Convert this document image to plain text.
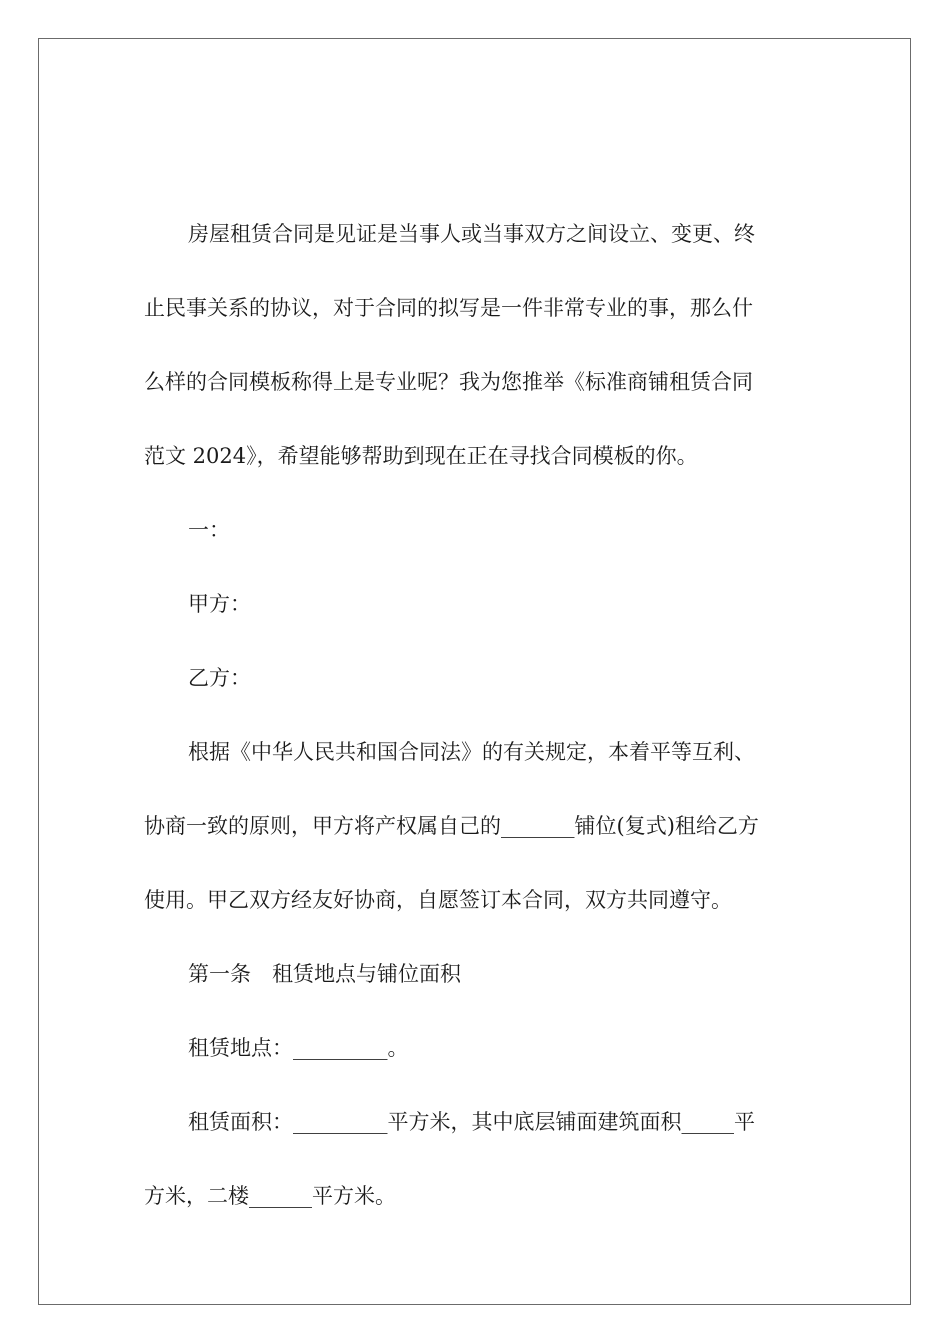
房屋租赁合同是见证是当事人或当事双方之间设立、变更、终
止民事关系的协议，对于合同的拟写是一件非常专业的事，那么什
么样的合同模板称得上是专业呢？我为您推举《标准商铺租赁合同
范文 2024》，希望能够帮助到现在正在寻找合同模板的你。
一：
甲方：
乙方：
根据《中华人民共和国合同法》的有关规定，本着平等互利、
协商一致的原则，甲方将产权属自己的_______铺位(复式)租给乙方
使用。甲乙双方经友好协商，自愿签订本合同，双方共同遵守。
第一条　租赁地点与铺位面积
租赁地点：_________。
租赁面积：_________平方米，其中底层铺面建筑面积_____平
方米，二楼______平方米。
